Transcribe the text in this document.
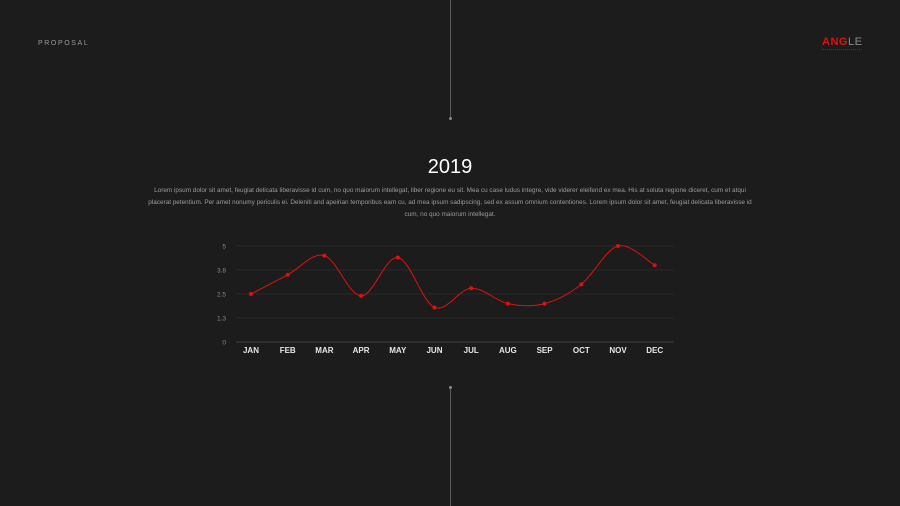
PROPOSAL	ANGLE
2019
Lorem ipsum dolor sit amet, feugiat delicata liberavisse id cum, no quo maiorum intellegat, liber regione eu sit. Mea cu case ludus integre, vide viderer eleifend ex mea. His at soluta regione diceret, cum et atqui placerat petentium. Per amet nonumy periculis ei. Deleniti and apeirian temporibus eam cu, ad mea ipsum sadipscing, sed ex assum omnium contentiones. Lorem ipsum dolor sit amet, feugiat delicata liberavisse id cum, no quo maiorum intellegat.
0
1.3
2.5
3.8
5
JAN	FEB MAR APR MAY	JUN	JUL	AUG SEP	OCT NOV DEC
